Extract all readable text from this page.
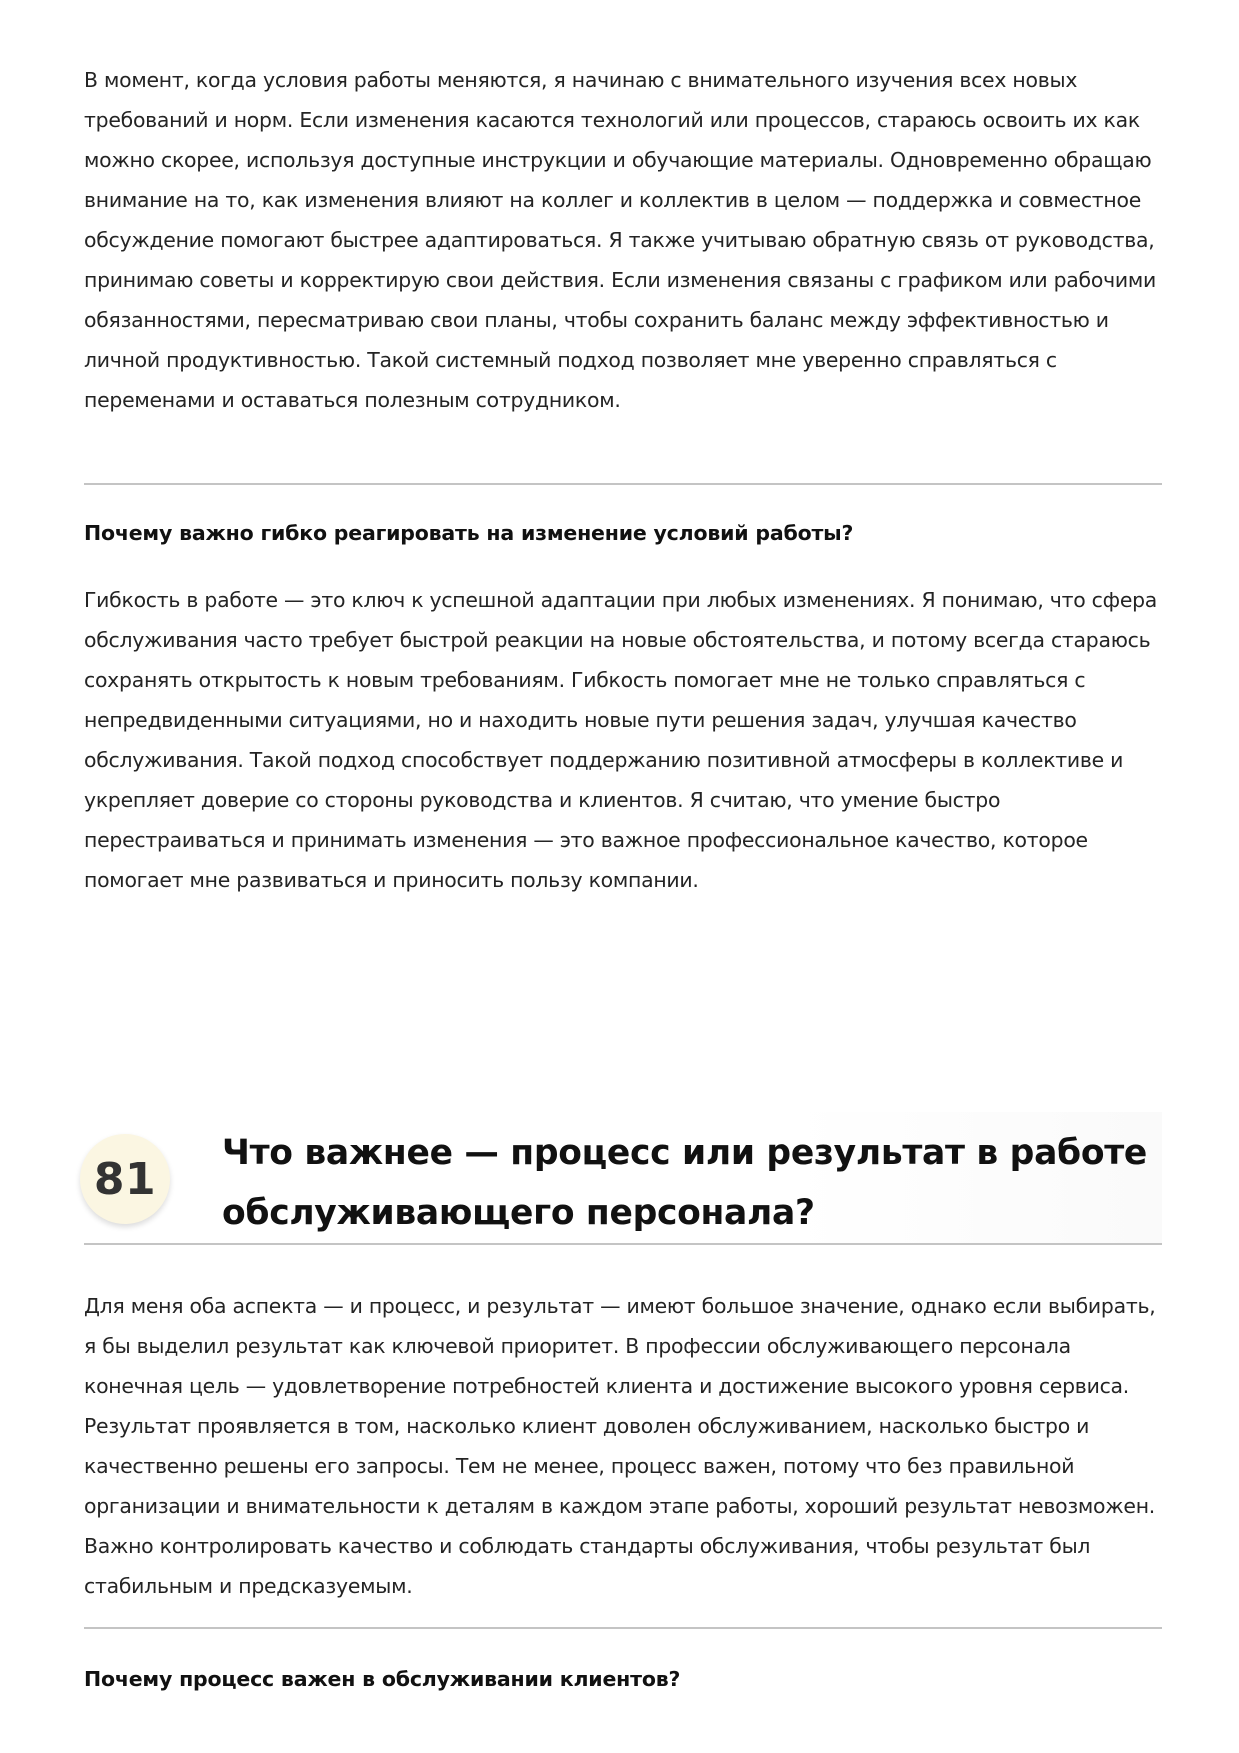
В момент, когда условия работы меняются, я начинаю с внимательного изучения всех новых требований и норм. Если изменения касаются технологий или процессов, стараюсь освоить их как можно скорее, используя доступные инструкции и обучающие материалы. Одновременно обращаю внимание на то, как изменения влияют на коллег и коллектив в целом — поддержка и совместное обсуждение помогают быстрее адаптироваться. Я также учитываю обратную связь от руководства, принимаю советы и корректирую свои действия. Если изменения связаны с графиком или рабочими обязанностями, пересматриваю свои планы, чтобы сохранить баланс между эффективностью и личной продуктивностью. Такой системный подход позволяет мне уверенно справляться с переменами и оставаться полезным сотрудником.

Почему важно гибко реагировать на изменение условий работы?

Гибкость в работе — это ключ к успешной адаптации при любых изменениях. Я понимаю, что сфера обслуживания часто требует быстрой реакции на новые обстоятельства, и потому всегда стараюсь сохранять открытость к новым требованиям. Гибкость помогает мне не только справляться с непредвиденными ситуациями, но и находить новые пути решения задач, улучшая качество обслуживания. Такой подход способствует поддержанию позитивной атмосферы в коллективе и укрепляет доверие со стороны руководства и клиентов. Я считаю, что умение быстро перестраиваться и принимать изменения — это важное профессиональное качество, которое помогает мне развиваться и приносить пользу компании.

81
Что важнее — процесс или результат в работе обслуживающего персонала?

Для меня оба аспекта — и процесс, и результат — имеют большое значение, однако если выбирать, я бы выделил результат как ключевой приоритет. В профессии обслуживающего персонала конечная цель — удовлетворение потребностей клиента и достижение высокого уровня сервиса. Результат проявляется в том, насколько клиент доволен обслуживанием, насколько быстро и качественно решены его запросы. Тем не менее, процесс важен, потому что без правильной организации и внимательности к деталям в каждом этапе работы, хороший результат невозможен. Важно контролировать качество и соблюдать стандарты обслуживания, чтобы результат был стабильным и предсказуемым.

Почему процесс важен в обслуживании клиентов?
